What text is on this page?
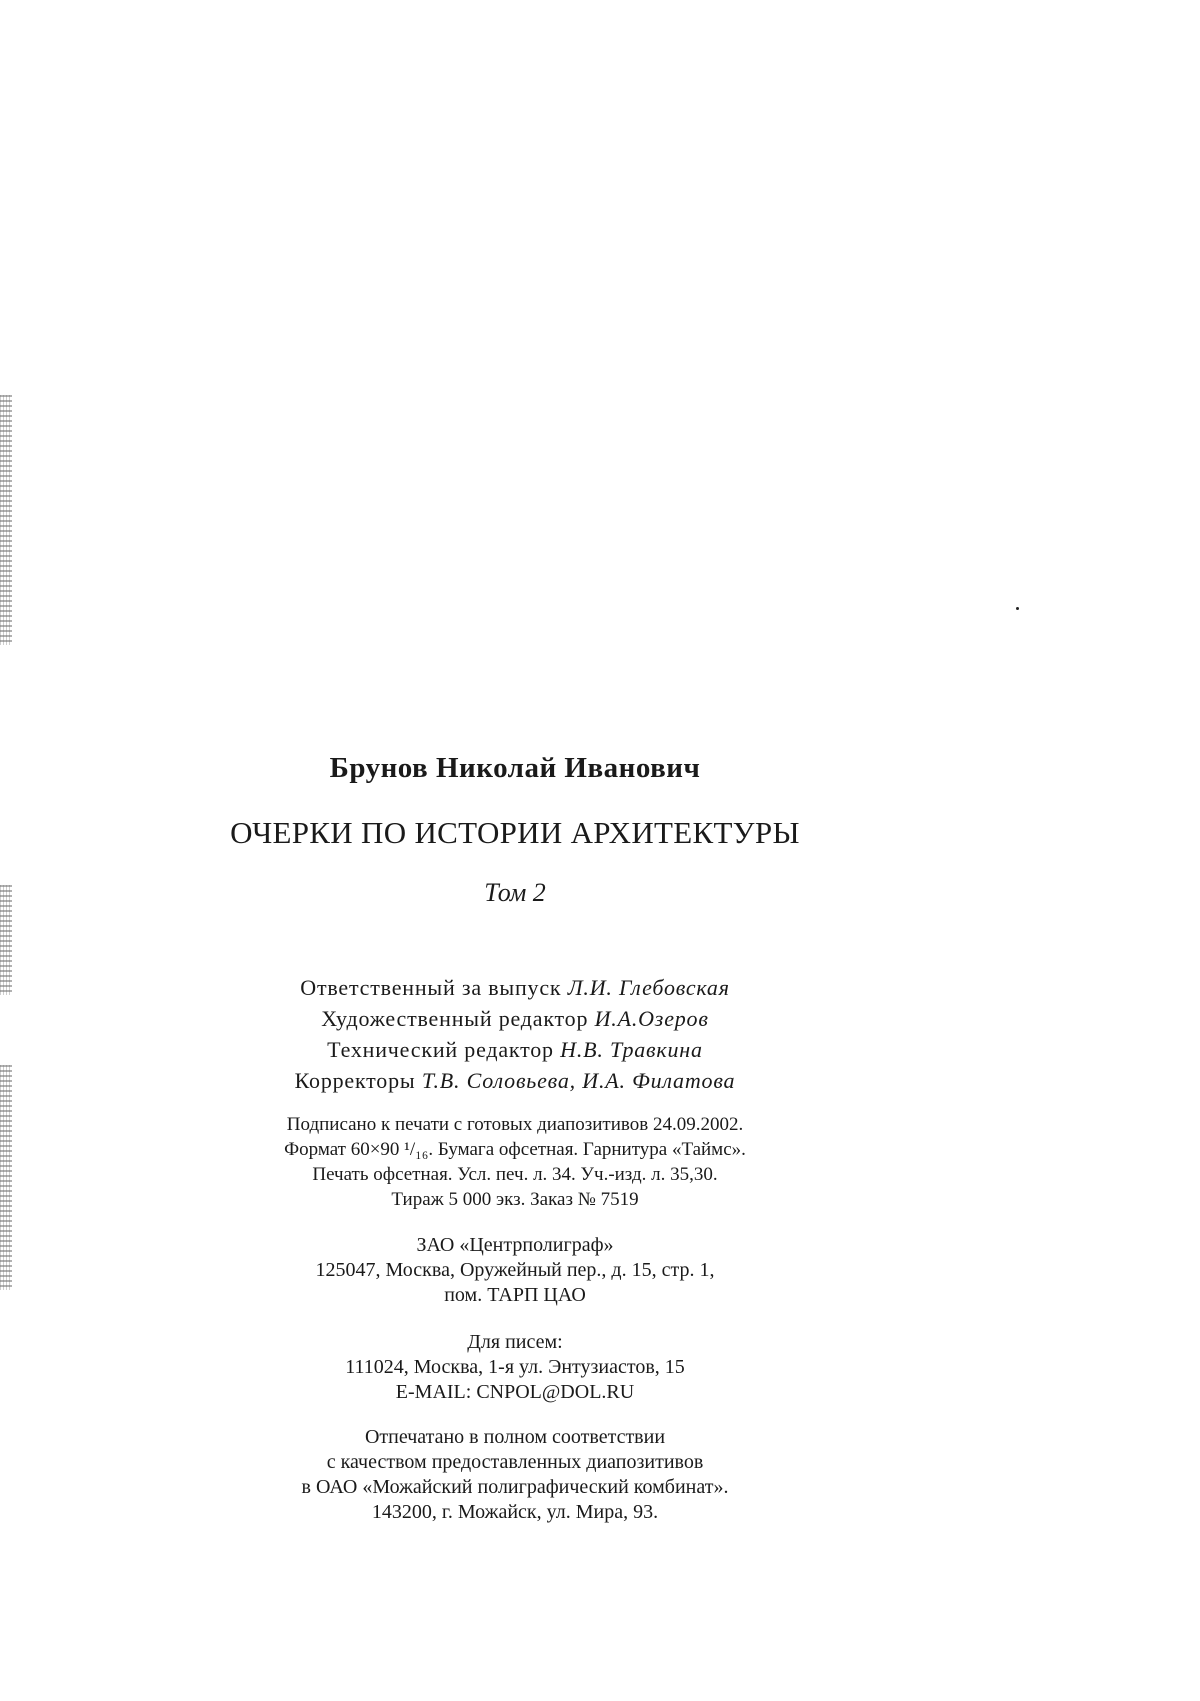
Брунов Николай Иванович
ОЧЕРКИ ПО ИСТОРИИ АРХИТЕКТУРЫ
Том 2
Ответственный за выпуск Л.И. Глебовская
Художественный редактор И.А.Озеров
Технический редактор Н.В. Травкина
Корректоры Т.В. Соловьева, И.А. Филатова
Подписано к печати с готовых диапозитивов 24.09.2002.
Формат 60×90 ¹/₁₆. Бумага офсетная. Гарнитура «Таймс».
Печать офсетная. Усл. печ. л. 34. Уч.-изд. л. 35,30.
Тираж 5 000 экз. Заказ № 7519
ЗАО «Центрполиграф»
125047, Москва, Оружейный пер., д. 15, стр. 1,
пом. ТАРП ЦАО
Для писем:
111024, Москва, 1-я ул. Энтузиастов, 15
E-MAIL: CNPOL@DOL.RU
Отпечатано в полном соответствии
с качеством предоставленных диапозитивов
в ОАО «Можайский полиграфический комбинат».
143200, г. Можайск, ул. Мира, 93.
